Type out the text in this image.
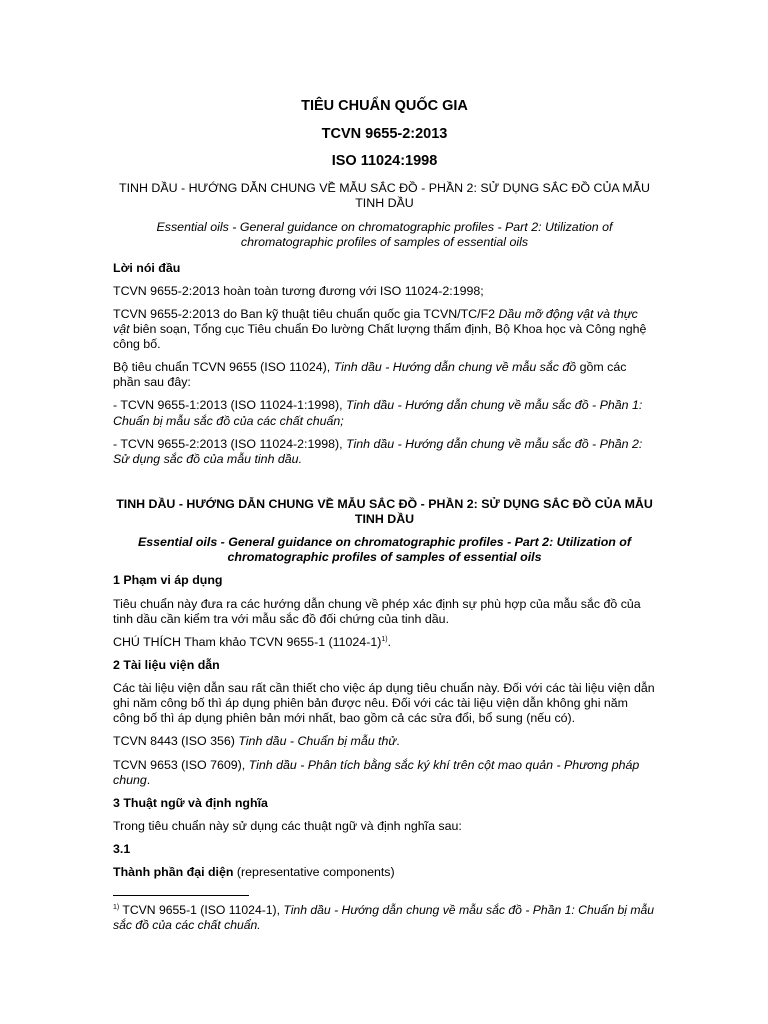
TIÊU CHUẨN QUỐC GIA
TCVN 9655-2:2013
ISO 11024:1998
TINH DẦU - HƯỚNG DẪN CHUNG VỀ MẪU SẮC ĐỒ - PHẦN 2: SỬ DỤNG SẮC ĐỒ CỦA MẪU TINH DẦU
Essential oils - General guidance on chromatographic profiles - Part 2: Utilization of chromatographic profiles of samples of essential oils
Lời nói đầu

TCVN 9655-2:2013 hoàn toàn tương đương với ISO 11024-2:1998;

TCVN 9655-2:2013 do Ban kỹ thuật tiêu chuẩn quốc gia TCVN/TC/F2 Dầu mỡ động vật và thực vật biên soạn, Tổng cục Tiêu chuẩn Đo lường Chất lượng thẩm định, Bộ Khoa học và Công nghệ công bố.

Bộ tiêu chuẩn TCVN 9655 (ISO 11024), Tinh dầu - Hướng dẫn chung về mẫu sắc đồ gồm các phần sau đây:

- TCVN 9655-1:2013 (ISO 11024-1:1998), Tinh dầu - Hướng dẫn chung về mẫu sắc đồ - Phần 1: Chuẩn bị mẫu sắc đồ của các chất chuẩn;

- TCVN 9655-2:2013 (ISO 11024-2:1998), Tinh dầu - Hướng dẫn chung về mẫu sắc đồ - Phần 2: Sử dụng sắc đồ của mẫu tinh dầu.

TINH DẦU - HƯỚNG DẪN CHUNG VỀ MẪU SẮC ĐỒ - PHẦN 2: SỬ DỤNG SẮC ĐỒ CỦA MẪU TINH DẦU
Essential oils - General guidance on chromatographic profiles - Part 2: Utilization of chromatographic profiles of samples of essential oils
1 Phạm vi áp dụng

Tiêu chuẩn này đưa ra các hướng dẫn chung về phép xác định sự phù hợp của mẫu sắc đồ của tinh dầu cần kiểm tra với mẫu sắc đồ đối chứng của tinh dầu.

CHÚ THÍCH Tham khảo TCVN 9655-1 $(11024-1)^{1)}$.

2 Tài liệu viện dẫn

Các tài liệu viện dẫn sau rất cần thiết cho việc áp dụng tiêu chuẩn này. Đối với các tài liệu viện dẫn ghi năm công bố thì áp dụng phiên bản được nêu. Đối với các tài liệu viện dẫn không ghi năm công bố thì áp dụng phiên bản mới nhất, bao gồm cả các sửa đổi, bổ sung (nếu có).

TCVN 8443 (ISO 356) Tinh dầu - Chuẩn bị mẫu thử.

TCVN 9653 (ISO 7609), Tinh dầu - Phân tích bằng sắc ký khí trên cột mao quản - Phương pháp chung.

3 Thuật ngữ và định nghĩa

Trong tiêu chuẩn này sử dụng các thuật ngữ và định nghĩa sau:

3.1

Thành phần đại diện (representative components)

$^{1)}$ TCVN 9655-1 (ISO 11024-1), Tinh dầu - Hướng dẫn chung về mẫu sắc đồ - Phần 1: Chuẩn bị mẫu sắc đồ của các chất chuẩn.
